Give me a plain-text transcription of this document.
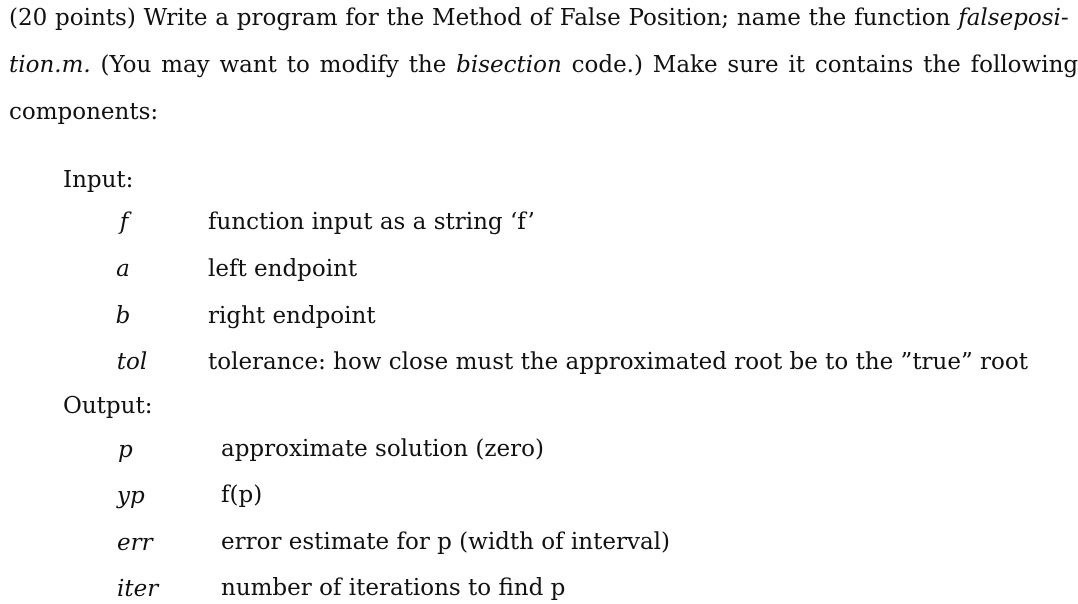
(20 points) Write a program for the Method of False Position; name the function falseposi-
tion.m. (You may want to modify the bisection code.) Make sure it contains the following
components:
Input:
f	function input as a string ‘f’
a	left endpoint
b	right endpoint
tol	tolerance: how close must the approximated root be to the ”true” root
Output:
p	approximate solution (zero)
yp	f(p)
err	error estimate for p (width of interval)
iter	number of iterations to find p
